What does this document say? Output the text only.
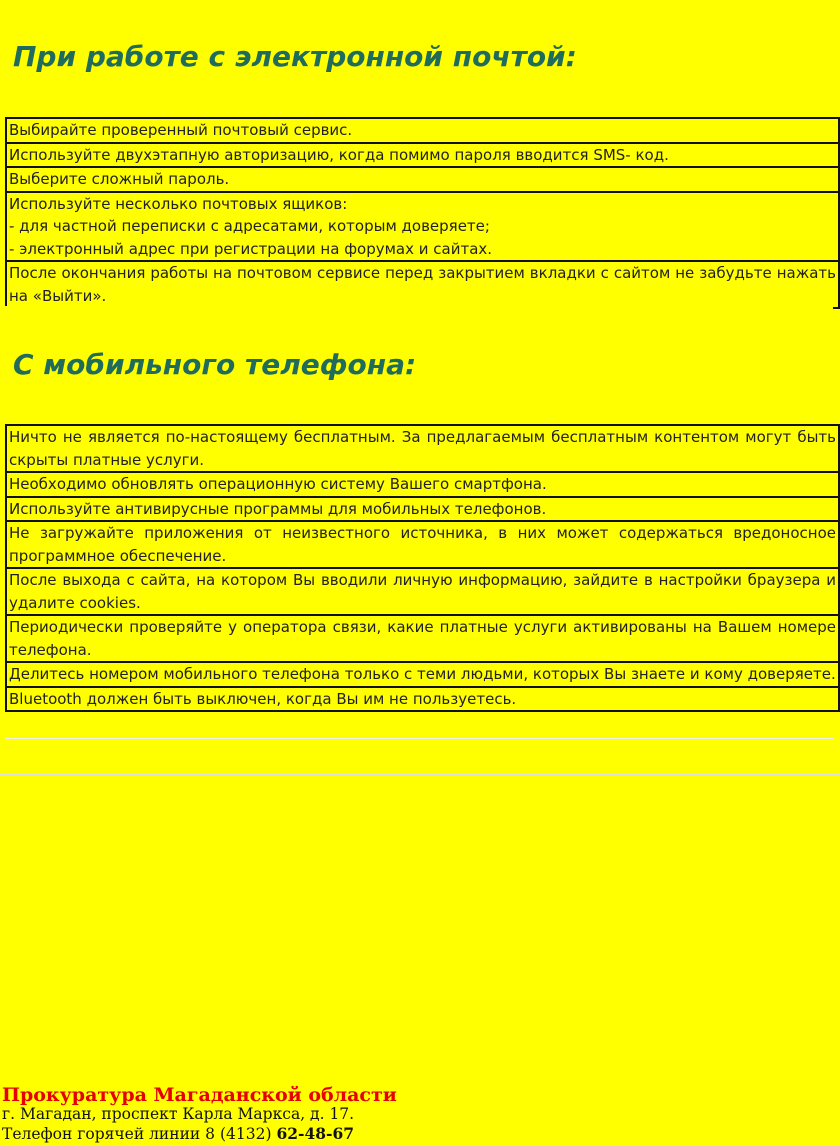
При работе с электронной почтой:
Выбирайте проверенный почтовый сервис.
Используйте двухэтапную авторизацию, когда помимо пароля вводится SMS- код.
Выберите сложный пароль.
Используйте несколько почтовых ящиков:
- для частной переписки с адресатами, которым доверяете;
- электронный адрес при регистрации на форумах и сайтах.
После окончания работы на почтовом сервисе перед закрытием вкладки с сайтом не забудьте нажать на «Выйти».
С мобильного телефона:
Ничто не является по-настоящему бесплатным. За предлагаемым бесплатным контентом могут быть скрыты платные услуги.
Необходимо обновлять операционную систему Вашего смартфона.
Используйте антивирусные программы для мобильных телефонов.
Не загружайте приложения от неизвестного источника, в них может содержаться вредоносное программное обеспечение.
После выхода с сайта, на котором Вы вводили личную информацию, зайдите в настройки браузера и удалите cookies.
Периодически проверяйте у оператора связи, какие платные услуги активированы на Вашем номере телефона.
Делитесь номером мобильного телефона только с теми людьми, которых Вы знаете и кому доверяете.
Bluetooth должен быть выключен, когда Вы им не пользуетесь.
Прокуратура Магаданской области
г. Магадан, проспект Карла Маркса, д. 17.
Телефон горячей линии 8 (4132) 62-48-67
